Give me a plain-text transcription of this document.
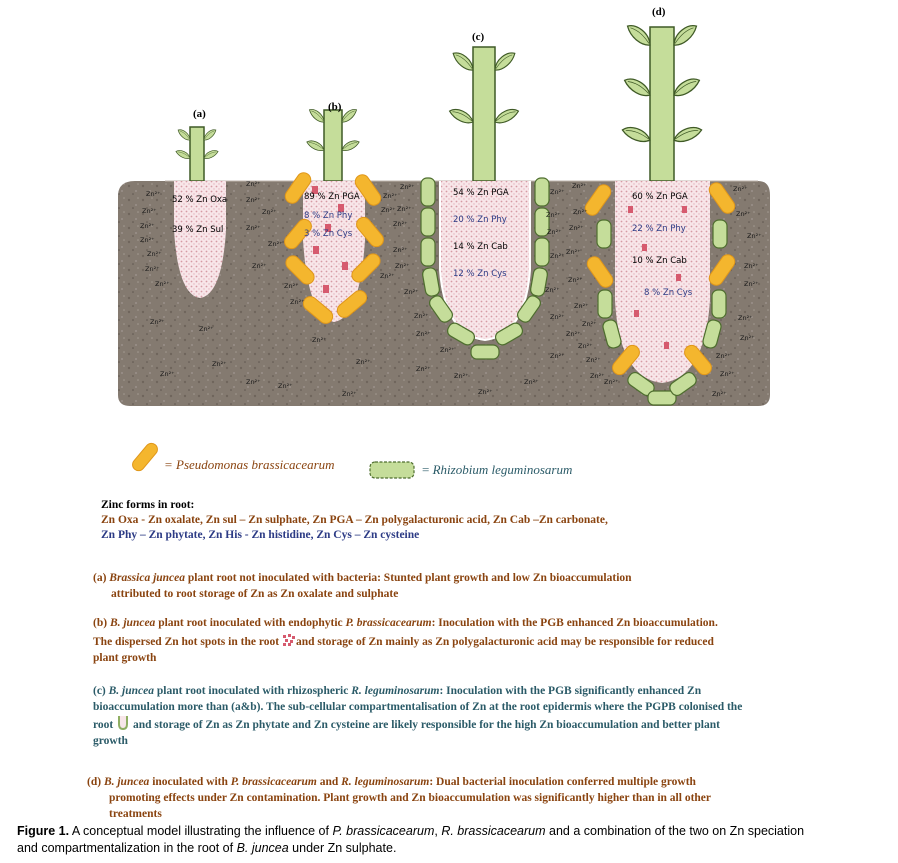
(a)
(b)
(c)
(d)
52 % Zn Oxa
39 % Zn Sul
89 % Zn PGA
8 % Zn Phy
3 % Zn Cys
54 % Zn PGA
20 % Zn Phy
14 % Zn Cab
12 % Zn Cys
60 % Zn PGA
22 % Zn Phy
10 % Zn Cab
8 % Zn Cys
Zn²⁺
Zn²⁺
Zn²⁺
Zn²⁺
Zn²⁺
Zn²⁺
Zn²⁺
Zn²⁺
Zn²⁺
Zn²⁺
Zn²⁺
Zn²⁺	Zn²⁺
Zn²⁺
Zn²⁺
Zn²⁺
Zn²⁺
Zn²⁺
Zn²⁺
Zn²⁺
Zn²⁺
Zn²⁺
Zn²⁺
Zn²⁺
Zn²⁺
Zn²⁺
Zn²⁺
Zn²⁺
Zn²⁺
Zn²⁺
Zn²⁺
Zn²⁺
Zn²⁺
Zn²⁺
Zn²⁺
Zn²⁺
Zn²⁺
Zn²⁺
Zn²⁺
Zn²⁺
Zn²⁺
Zn²⁺
Zn²⁺
Zn²⁺
Zn²⁺
Zn²⁺
Zn²⁺
Zn²⁺
Zn²⁺
Zn²⁺
Zn²⁺
Zn²⁺
Zn²⁺
Zn²⁺
Zn²⁺
Zn²⁺
Zn²⁺
Zn²⁺
Zn²⁺
Zn²⁺
Zn²⁺
Zn²⁺
Zn²⁺
Zn²⁺
Zn²⁺
Zn²⁺
Zn²⁺
Zn²⁺
Zn²⁺
= Pseudomonas brassicacearum	= Rhizobium leguminosarum
Zinc forms in root:
Zn Oxa - Zn oxalate, Zn sul – Zn sulphate, Zn PGA – Zn polygalacturonic acid, Zn Cab –Zn carbonate,
Zn Phy – Zn phytate, Zn His - Zn histidine, Zn Cys – Zn cysteine
(a) Brassica juncea plant root not inoculated with bacteria: Stunted plant growth and low Zn bioaccumulation
attributed to root storage of Zn as Zn oxalate and sulphate
(b) B. juncea plant root inoculated with endophytic P. brassicacearum: Inoculation with the PGB enhanced Zn bioaccumulation.
The dispersed Zn hot spots in the root and storage of Zn mainly as Zn polygalacturonic acid may be responsible for reduced
plant growth
(c) B. juncea plant root inoculated with rhizospheric R. leguminosarum: Inoculation with the PGB significantly enhanced Zn
bioaccumulation more than (a&b). The sub-cellular compartmentalisation of Zn at the root epidermis where the PGPB colonised the
root  and storage of Zn as Zn phytate and Zn cysteine are likely responsible for the high Zn bioaccumulation and better plant
growth
(d) B. juncea inoculated with P. brassicacearum and R. leguminosarum: Dual bacterial inoculation conferred multiple growth
promoting effects under Zn contamination. Plant growth and Zn bioaccumulation was significantly higher than in all other
treatments
Figure 1. A conceptual model illustrating the influence of P. brassicacearum, R. brassicacearum and a combination of the two on Zn speciation
and compartmentalization in the root of B. juncea under Zn sulphate.
